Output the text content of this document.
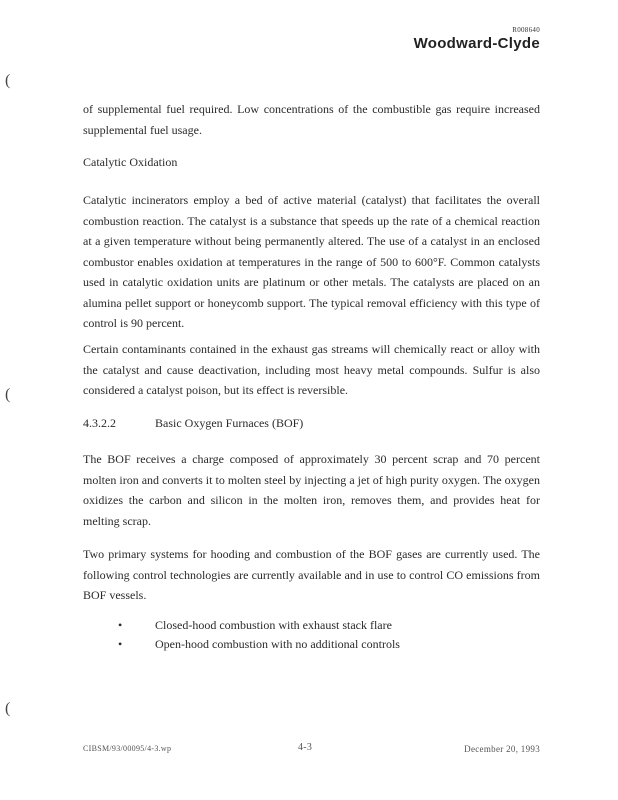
R008640
Woodward-Clyde
(
(
(

of supplemental fuel required. Low concentrations of the combustible gas require increased supplemental fuel usage.

Catalytic Oxidation

Catalytic incinerators employ a bed of active material (catalyst) that facilitates the overall combustion reaction. The catalyst is a substance that speeds up the rate of a chemical reaction at a given temperature without being permanently altered. The use of a catalyst in an enclosed combustor enables oxidation at temperatures in the range of 500 to 600°F. Common catalysts used in catalytic oxidation units are platinum or other metals. The catalysts are placed on an alumina pellet support or honeycomb support. The typical removal efficiency with this type of control is 90 percent.

Certain contaminants contained in the exhaust gas streams will chemically react or alloy with the catalyst and cause deactivation, including most heavy metal compounds. Sulfur is also considered a catalyst poison, but its effect is reversible.

4.3.2.2	Basic Oxygen Furnaces (BOF)

The BOF receives a charge composed of approximately 30 percent scrap and 70 percent molten iron and converts it to molten steel by injecting a jet of high purity oxygen. The oxygen oxidizes the carbon and silicon in the molten iron, removes them, and provides heat for melting scrap.

Two primary systems for hooding and combustion of the BOF gases are currently used. The following control technologies are currently available and in use to control CO emissions from BOF vessels.

•	Closed-hood combustion with exhaust stack flare
•	Open-hood combustion with no additional controls
CIBSM/93/00095/4-3.wp	4-3	December 20, 1993
